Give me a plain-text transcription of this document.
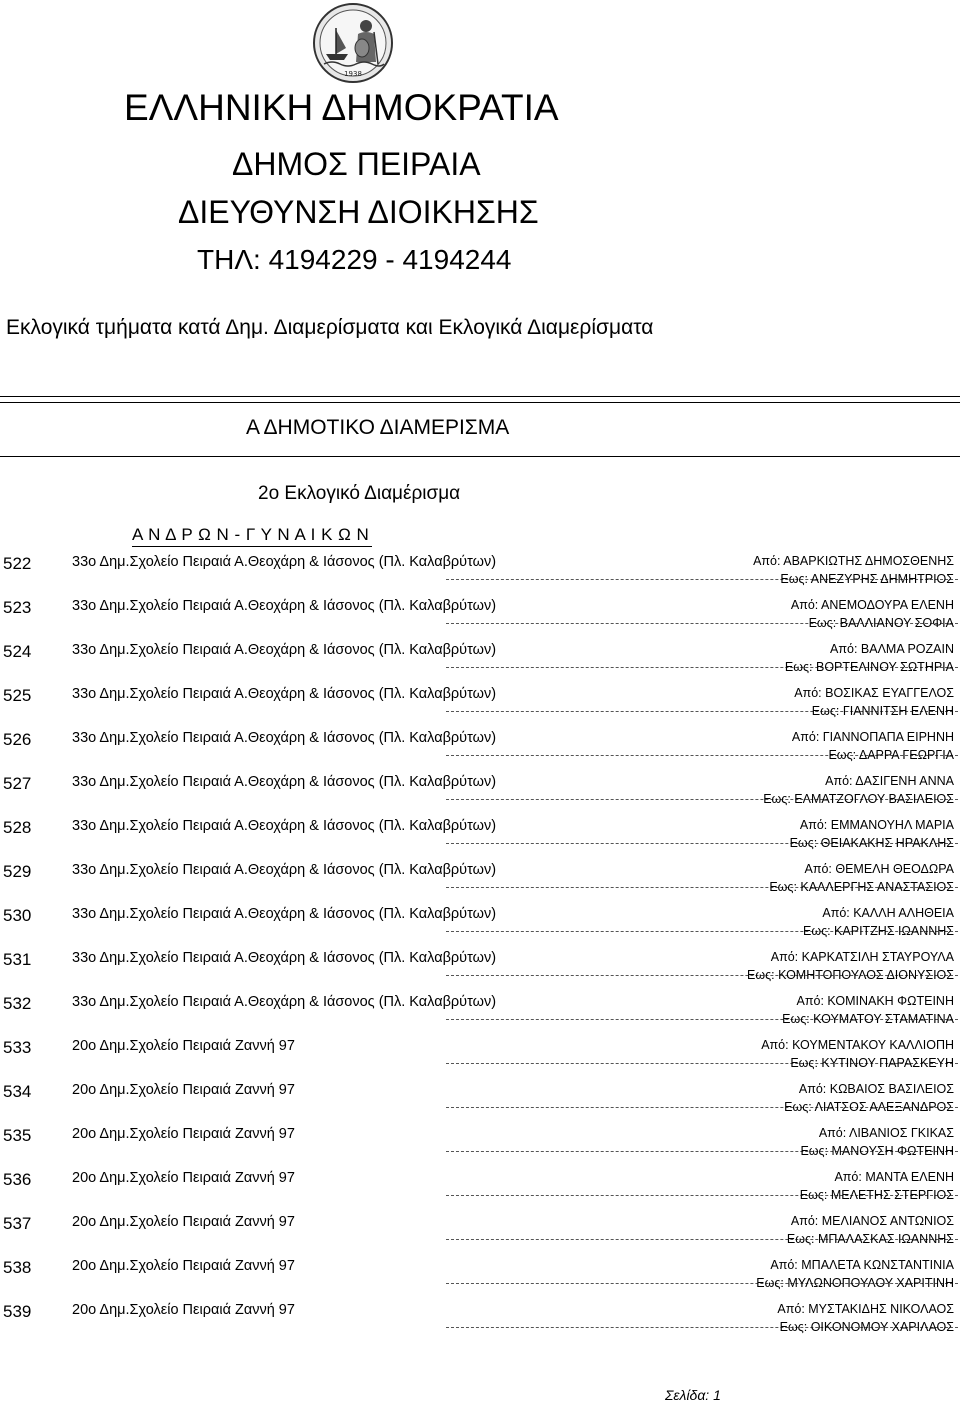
1938
ΕΛΛΗΝΙΚΗ ΔΗΜΟΚΡΑΤΙΑ
ΔΗΜΟΣ ΠΕΙΡΑΙΑ
ΔΙΕΥΘΥΝΣΗ ΔΙΟΙΚΗΣΗΣ
ΤΗΛ: 4194229 - 4194244
Εκλογικά τμήματα κατά Δημ. Διαμερίσματα και Εκλογικά Διαμερίσματα
Α ΔΗΜΟΤΙΚΟ ΔΙΑΜΕΡΙΣΜΑ
2ο Εκλογικό Διαμέρισμα
Α Ν Δ Ρ Ω Ν - Γ Υ Ν Α Ι Κ Ω Ν
522	33ο Δημ.Σχολείο Πειραιά Α.Θεοχάρη & Ιάσονος (Πλ. Καλαβρύτων)	Από: ΑΒΑΡΚΙΩΤΗΣ ΔΗΜΟΣΘΕΝΗΣ
Εως: ΑΝΕΖΥΡΗΣ ΔΗΜΗΤΡΙΟΣ
523	33ο Δημ.Σχολείο Πειραιά Α.Θεοχάρη & Ιάσονος (Πλ. Καλαβρύτων)	Από: ΑΝΕΜΟΔΟΥΡΑ ΕΛΕΝΗ
Εως: ΒΑΛΛΙΑΝΟΥ ΣΟΦΙΑ
524	33ο Δημ.Σχολείο Πειραιά Α.Θεοχάρη & Ιάσονος (Πλ. Καλαβρύτων)	Από: ΒΑΛΜΑ ΡΟΖΑΙΝ
Εως: ΒΟΡΤΕΛΙΝΟΥ ΣΩΤΗΡΙΑ
525	33ο Δημ.Σχολείο Πειραιά Α.Θεοχάρη & Ιάσονος (Πλ. Καλαβρύτων)	Από: ΒΟΣΙΚΑΣ ΕΥΑΓΓΕΛΟΣ
Εως: ΓΙΑΝΝΙΤΣΗ ΕΛΕΝΗ
526	33ο Δημ.Σχολείο Πειραιά Α.Θεοχάρη & Ιάσονος (Πλ. Καλαβρύτων)	Από: ΓΙΑΝΝΟΠΑΠΑ ΕΙΡΗΝΗ
Εως: ΔΑΡΡΑ ΓΕΩΡΓΙΑ
527	33ο Δημ.Σχολείο Πειραιά Α.Θεοχάρη & Ιάσονος (Πλ. Καλαβρύτων)	Από: ΔΑΣΙΓΕΝΗ ΑΝΝΑ
Εως: ΕΛΜΑΤΖΟΓΛΟΥ ΒΑΣΙΛΕΙΟΣ
528	33ο Δημ.Σχολείο Πειραιά Α.Θεοχάρη & Ιάσονος (Πλ. Καλαβρύτων)	Από: ΕΜΜΑΝΟΥΗΛ ΜΑΡΙΑ
Εως: ΘΕΙΑΚΑΚΗΣ ΗΡΑΚΛΗΣ
529	33ο Δημ.Σχολείο Πειραιά Α.Θεοχάρη & Ιάσονος (Πλ. Καλαβρύτων)	Από: ΘΕΜΕΛΗ ΘΕΟΔΩΡΑ
Εως: ΚΑΛΛΕΡΓΗΣ ΑΝΑΣΤΑΣΙΟΣ
530	33ο Δημ.Σχολείο Πειραιά Α.Θεοχάρη & Ιάσονος (Πλ. Καλαβρύτων)	Από: ΚΑΛΛΗ ΑΛΗΘΕΙΑ
Εως: ΚΑΡΙΤΖΗΣ ΙΩΑΝΝΗΣ
531	33ο Δημ.Σχολείο Πειραιά Α.Θεοχάρη & Ιάσονος (Πλ. Καλαβρύτων)	Από: ΚΑΡΚΑΤΣΙΛΗ ΣΤΑΥΡΟΥΛΑ
Εως: ΚΟΜΗΤΟΠΟΥΛΟΣ ΔΙΟΝΥΣΙΟΣ
532	33ο Δημ.Σχολείο Πειραιά Α.Θεοχάρη & Ιάσονος (Πλ. Καλαβρύτων)	Από: ΚΟΜΙΝΑΚΗ ΦΩΤΕΙΝΗ
Εως: ΚΟΥΜΑΤΟΥ ΣΤΑΜΑΤΙΝΑ
533	20ο Δημ.Σχολείο Πειραιά Ζαννή 97	Από: ΚΟΥΜΕΝΤΑΚΟΥ ΚΑΛΛΙΟΠΗ
Εως: ΚΥΤΙΝΟΥ ΠΑΡΑΣΚΕΥΗ
534	20ο Δημ.Σχολείο Πειραιά Ζαννή 97	Από: ΚΩΒΑΙΟΣ ΒΑΣΙΛΕΙΟΣ
Εως: ΛΙΑΤΣΟΣ ΑΛΕΞΑΝΔΡΟΣ
535	20ο Δημ.Σχολείο Πειραιά Ζαννή 97	Από: ΛΙΒΑΝΙΟΣ ΓΚΙΚΑΣ
Εως: ΜΑΝΟΥΣΗ ΦΩΤΕΙΝΗ
536	20ο Δημ.Σχολείο Πειραιά Ζαννή 97	Από: ΜΑΝΤΑ ΕΛΕΝΗ
Εως: ΜΕΛΕΤΗΣ ΣΤΕΡΓΙΟΣ
537	20ο Δημ.Σχολείο Πειραιά Ζαννή 97	Από: ΜΕΛΙΑΝΟΣ ΑΝΤΩΝΙΟΣ
Εως: ΜΠΑΛΑΣΚΑΣ ΙΩΑΝΝΗΣ
538	20ο Δημ.Σχολείο Πειραιά Ζαννή 97	Από: ΜΠΑΛΕΤΑ ΚΩΝΣΤΑΝΤΙΝΙΑ
Εως: ΜΥΛΩΝΟΠΟΥΛΟΥ ΧΑΡΙΤΙΝΗ
539	20ο Δημ.Σχολείο Πειραιά Ζαννή 97	Από: ΜΥΣΤΑΚΙΔΗΣ ΝΙΚΟΛΑΟΣ
Εως: ΟΙΚΟΝΟΜΟΥ ΧΑΡΙΛΑΟΣ
Σελίδα: 1
